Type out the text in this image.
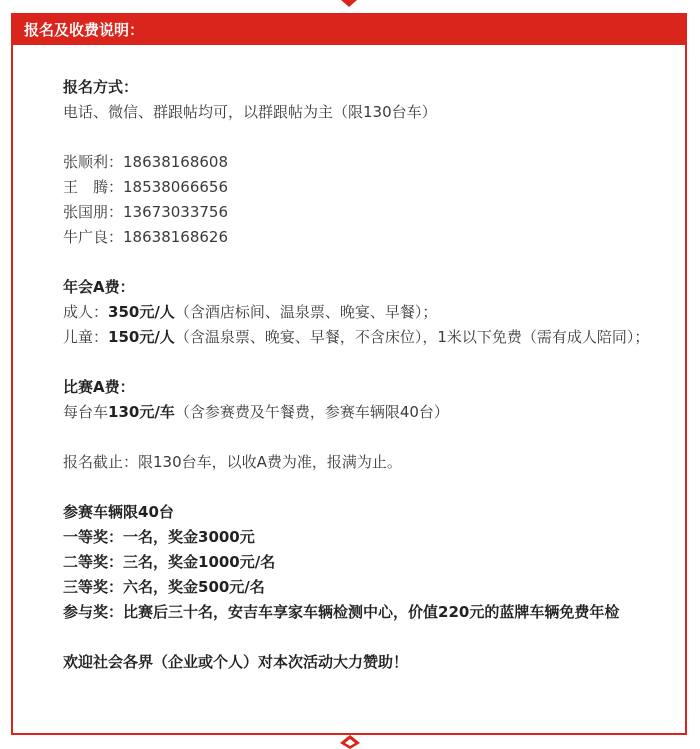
报名及收费说明：
报名方式：
电话、微信、群跟帖均可，以群跟帖为主（限130台车）
张顺利：18638168608
王　腾：18538066656
张国朋：13673033756
牛广良：18638168626
年会A费：
成人：350元/人（含酒店标间、温泉票、晚宴、早餐）；
儿童：150元/人（含温泉票、晚宴、早餐，不含床位），1米以下免费（需有成人陪同）；
比赛A费：
每台车130元/车（含参赛费及午餐费，参赛车辆限40台）
报名截止：限130台车，以收A费为准，报满为止。
参赛车辆限40台
一等奖：一名，奖金3000元
二等奖：三名，奖金1000元/名
三等奖：六名，奖金500元/名
参与奖：比赛后三十名，安吉车享家车辆检测中心，价值220元的蓝牌车辆免费年检
欢迎社会各界（企业或个人）对本次活动大力赞助！
